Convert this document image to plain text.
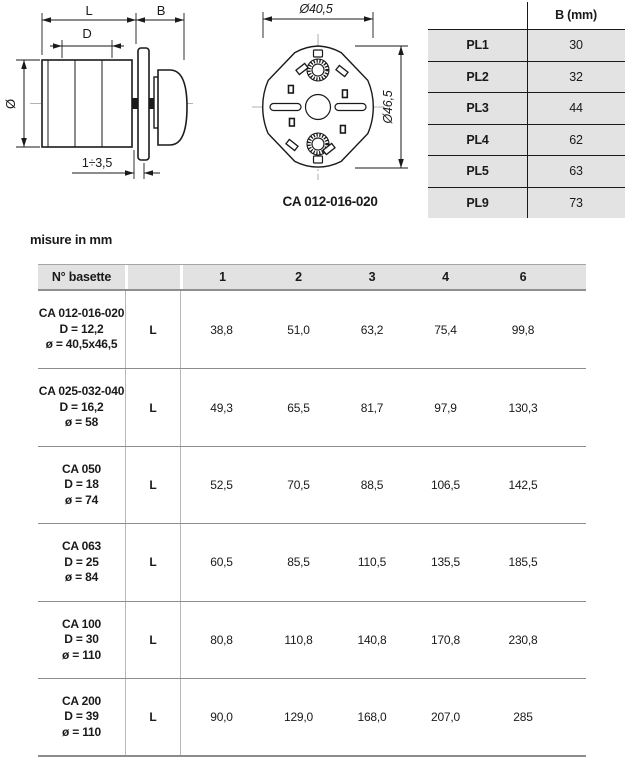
L	B
D
Ø
1÷3,5
Ø40,5
Ø46,5
CA 012-016-020
B (mm)
PL1	30
PL2	32
PL3	44
PL4	62
PL5	63
PL9	73
misure in mm
N° basette	1	2	3	4	6
CA 012-016-020
D = 12,2
ø = 40,5x46,5
L	38,8	51,0	63,2	75,4	99,8
CA 025-032-040
D = 16,2
ø = 58
L	49,3	65,5	81,7	97,9	130,3
CA 050
D = 18
ø = 74
L	52,5	70,5	88,5	106,5	142,5
CA 063
D = 25
ø = 84
L	60,5	85,5	110,5	135,5	185,5
CA 100
D = 30
ø = 110
L	80,8	110,8	140,8	170,8	230,8
CA 200
D = 39
ø = 110
L	90,0	129,0	168,0	207,0	285
